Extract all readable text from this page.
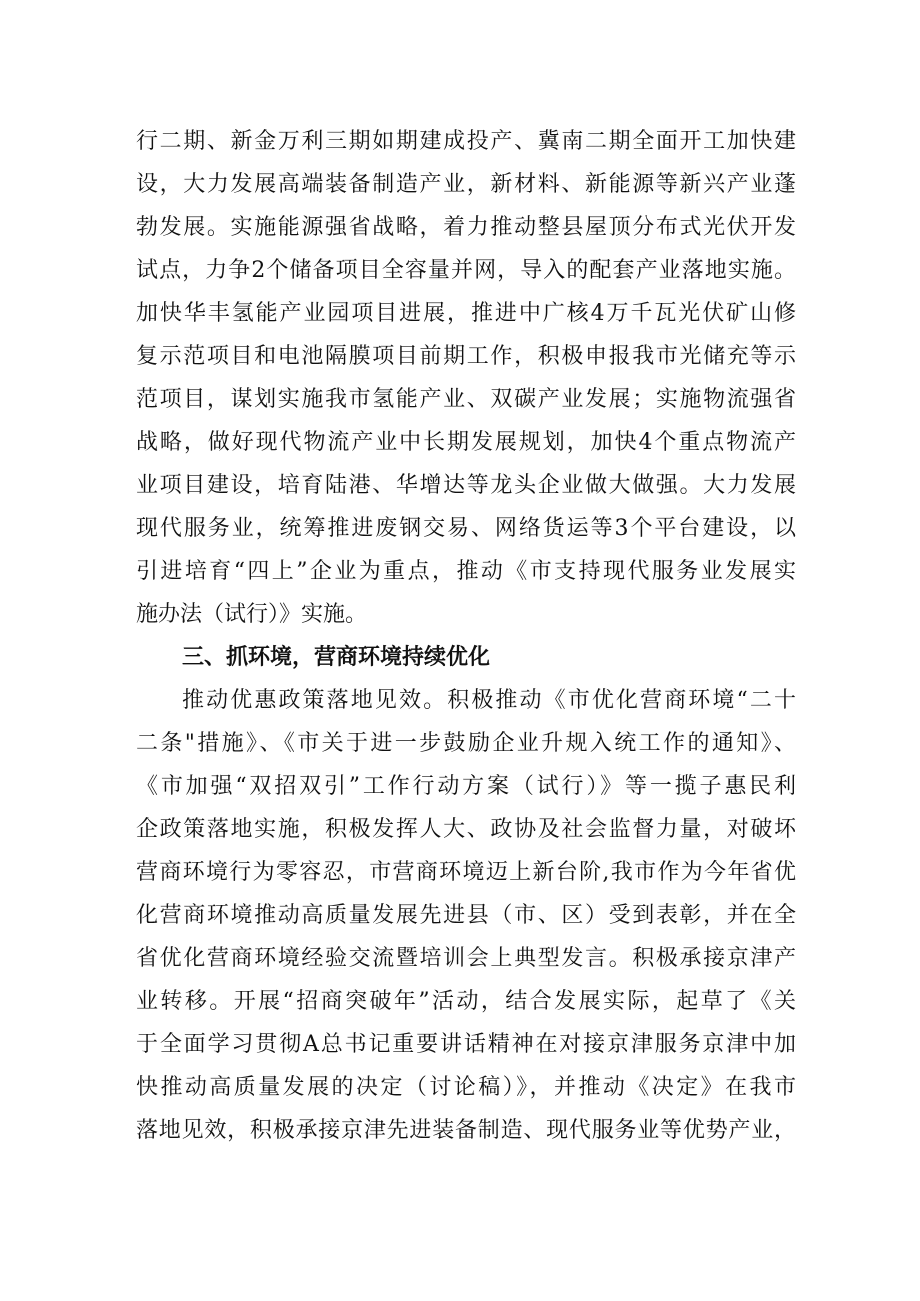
行二期、新金万利三期如期建成投产、冀南二期全面开工加快建

设，大力发展高端装备制造产业，新材料、新能源等新兴产业蓬

勃发展。实施能源强省战略，着力推动整县屋顶分布式光伏开发

试点，力争2个储备项目全容量并网，导入的配套产业落地实施。

加快华丰氢能产业园项目进展，推进中广核4万千瓦光伏矿山修

复示范项目和电池隔膜项目前期工作，积极申报我市光储充等示

范项目，谋划实施我市氢能产业、双碳产业发展；实施物流强省

战略，做好现代物流产业中长期发展规划，加快4个重点物流产

业项目建设，培育陆港、华增达等龙头企业做大做强。大力发展

现代服务业，统筹推进废钢交易、网络货运等3个平台建设，以

引进培育“四上”企业为重点，推动《市支持现代服务业发展实

施办法（试行）》实施。

三、抓环境，营商环境持续优化

推动优惠政策落地见效。积极推动《市优化营商环境“二十

二条"措施》、《市关于进一步鼓励企业升规入统工作的通知》、

《市加强“双招双引”工作行动方案（试行）》等一揽子惠民利

企政策落地实施，积极发挥人大、政协及社会监督力量，对破坏

营商环境行为零容忍，市营商环境迈上新台阶,我市作为今年省优

化营商环境推动高质量发展先进县（市、区）受到表彰，并在全

省优化营商环境经验交流暨培训会上典型发言。积极承接京津产

业转移。开展“招商突破年”活动，结合发展实际，起草了《关

于全面学习贯彻A总书记重要讲话精神在对接京津服务京津中加

快推动高质量发展的决定（讨论稿）》，并推动《决定》在我市

落地见效，积极承接京津先进装备制造、现代服务业等优势产业，
